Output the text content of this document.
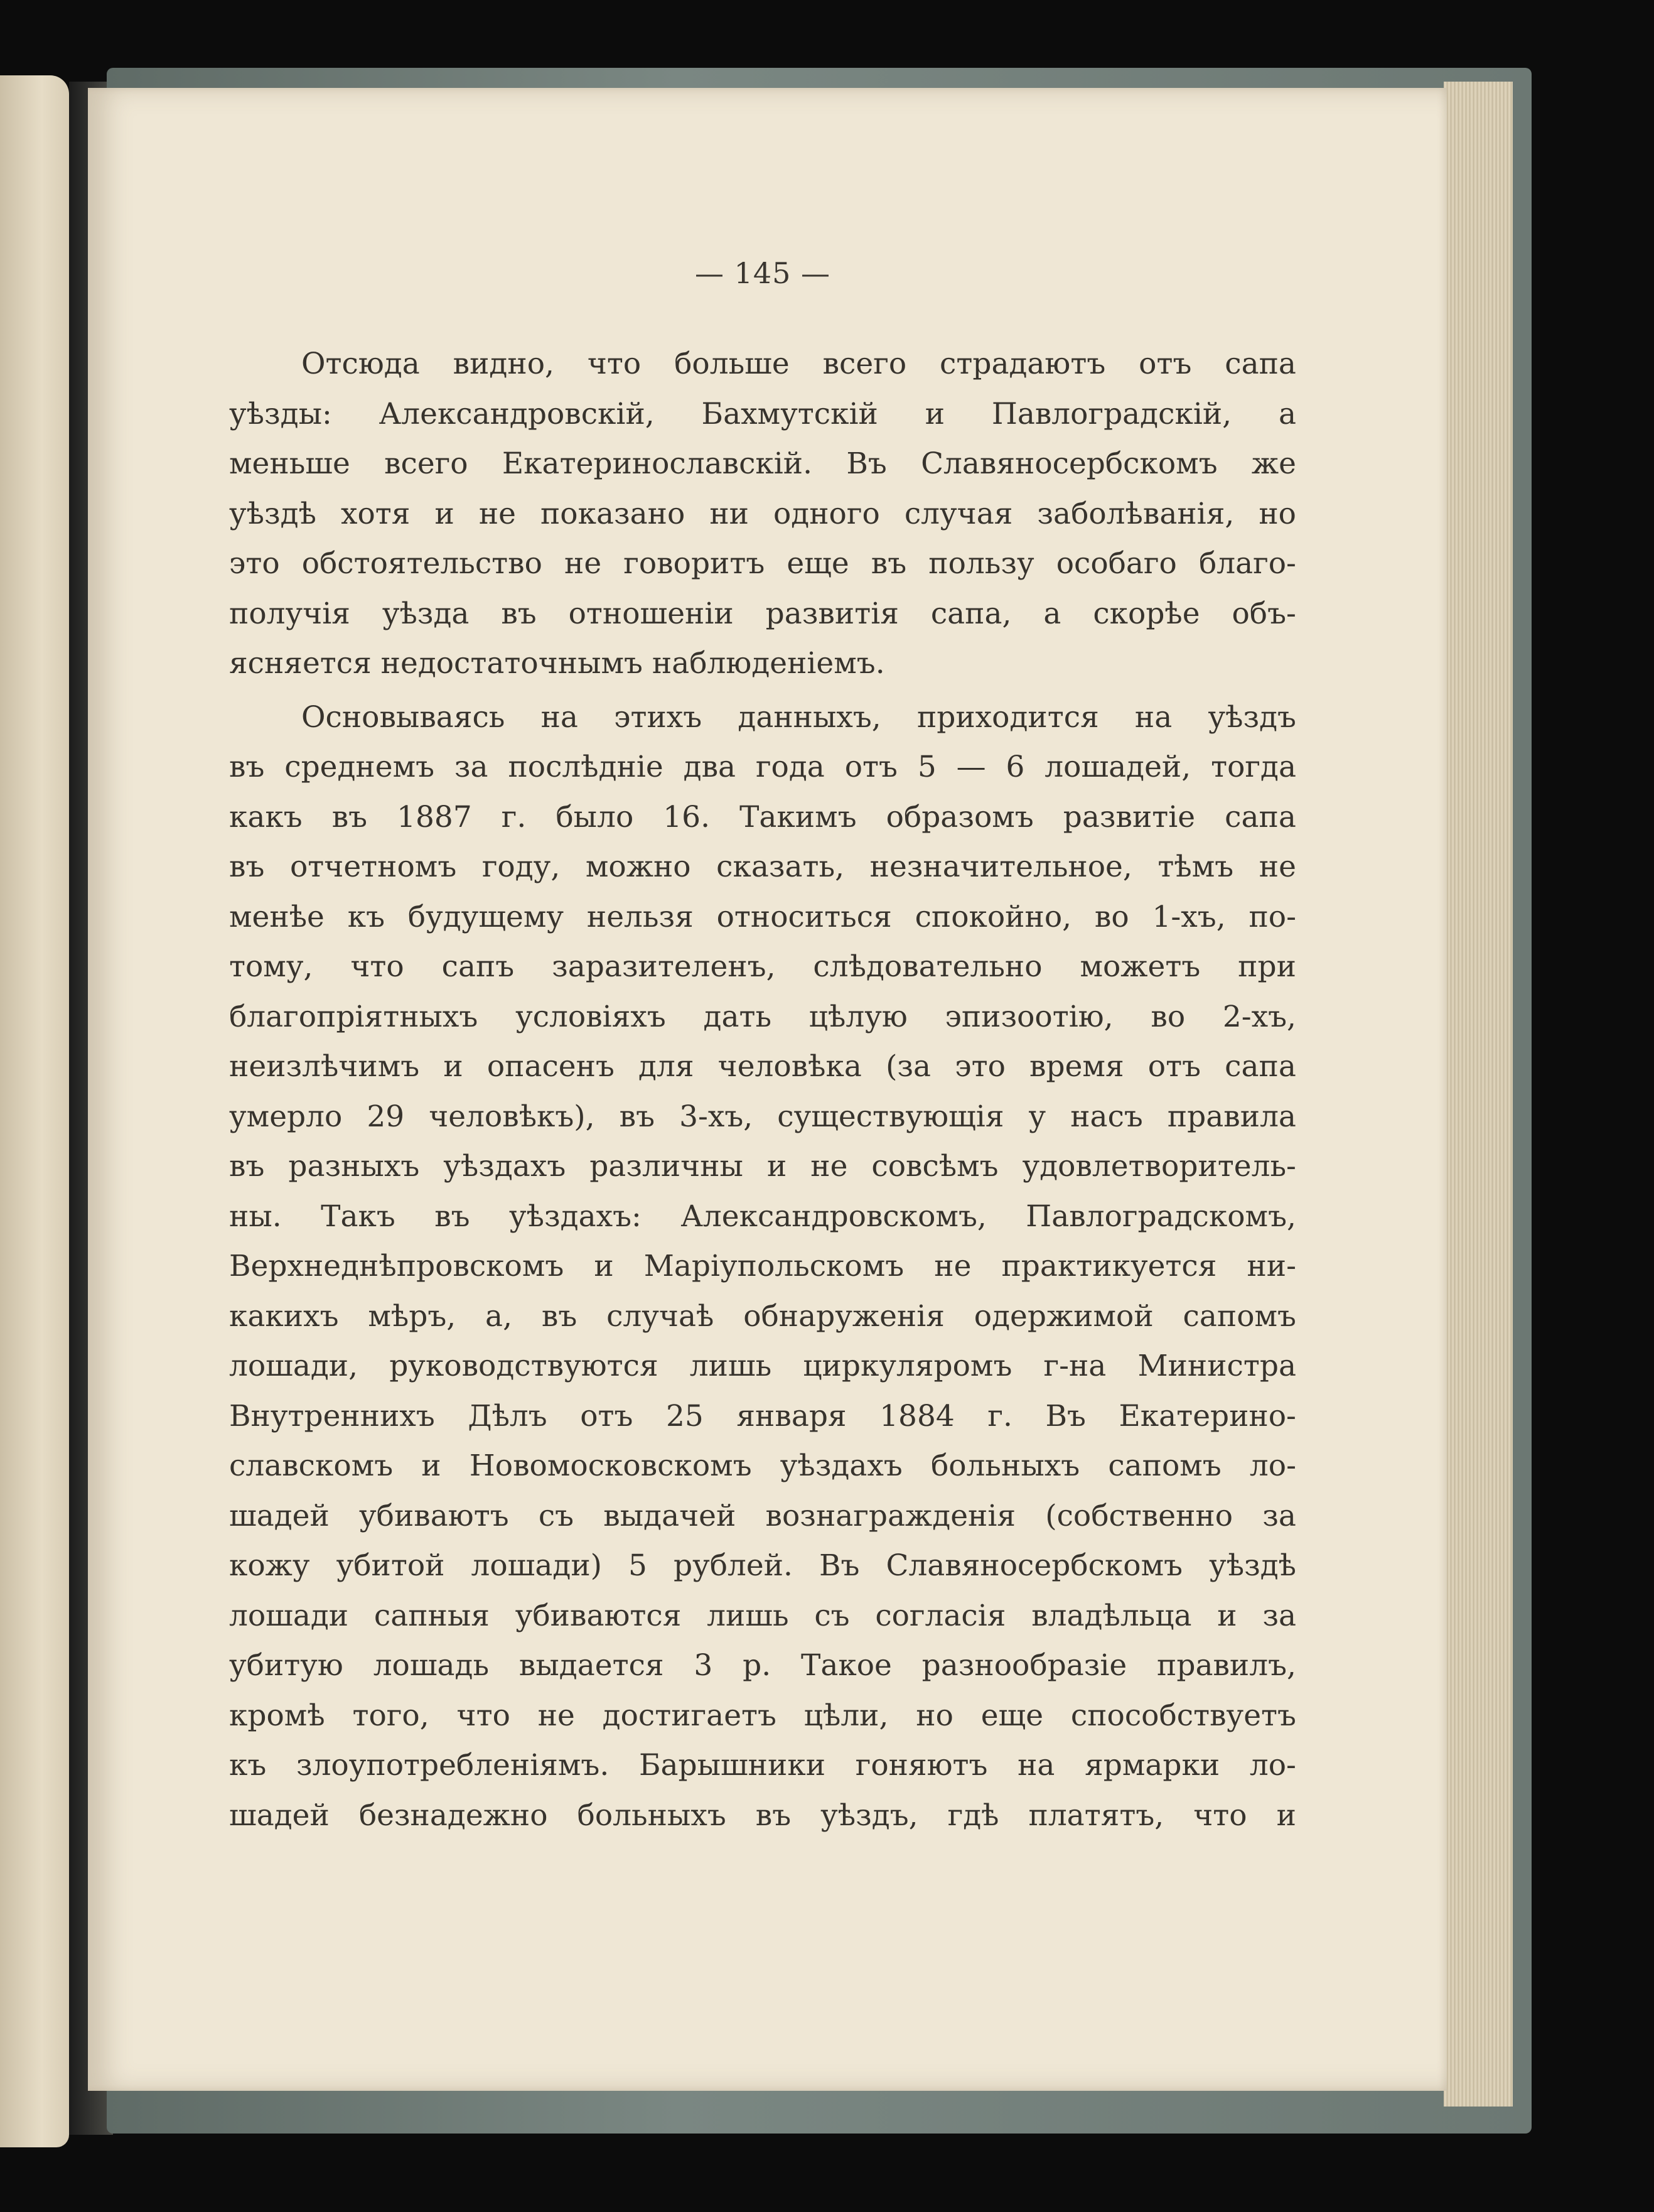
— 145 —
Отсюда видно, что больше всего страдаютъ отъ сапа
уѣзды: Александровскій, Бахмутскій и Павлоградскій, а
меньше всего Екатеринославскій. Въ Славяносербскомъ же
уѣздѣ хотя и не показано ни одного случая заболѣванія, но
это обстоятельство не говоритъ еще въ пользу особаго благо-
получія уѣзда въ отношеніи развитія сапа, а скорѣе объ-
ясняется недостаточнымъ наблюденіемъ.
Основываясь на этихъ данныхъ, приходится на уѣздъ
въ среднемъ за послѣдніе два года отъ 5 — 6 лошадей, тогда
какъ въ 1887 г. было 16. Такимъ образомъ развитіе сапа
въ отчетномъ году, можно сказать, незначительное, тѣмъ не
менѣе къ будущему нельзя относиться спокойно, во 1-хъ, по-
тому, что сапъ заразителенъ, слѣдовательно можетъ при
благопріятныхъ условіяхъ дать цѣлую эпизоотію, во 2-хъ,
неизлѣчимъ и опасенъ для человѣка (за это время отъ сапа
умерло 29 человѣкъ), въ 3-хъ, существующія у насъ правила
въ разныхъ уѣздахъ различны и не совсѣмъ удовлетворитель-
ны. Такъ въ уѣздахъ: Александровскомъ, Павлоградскомъ,
Верхнеднѣпровскомъ и Маріупольскомъ не практикуется ни-
какихъ мѣръ, а, въ случаѣ обнаруженія одержимой сапомъ
лошади, руководствуются лишь циркуляромъ г-на Министра
Внутреннихъ Дѣлъ отъ 25 января 1884 г. Въ Екатерино-
славскомъ и Новомосковскомъ уѣздахъ больныхъ сапомъ ло-
шадей убиваютъ съ выдачей вознагражденія (собственно за
кожу убитой лошади) 5 рублей. Въ Славяносербскомъ уѣздѣ
лошади сапныя убиваются лишь съ согласія владѣльца и за
убитую лошадь выдается 3 р. Такое разнообразіе правилъ,
кромѣ того, что не достигаетъ цѣли, но еще способствуетъ
къ злоупотребленіямъ. Барышники гоняютъ на ярмарки ло-
шадей безнадежно больныхъ въ уѣздъ, гдѣ платятъ, что и
